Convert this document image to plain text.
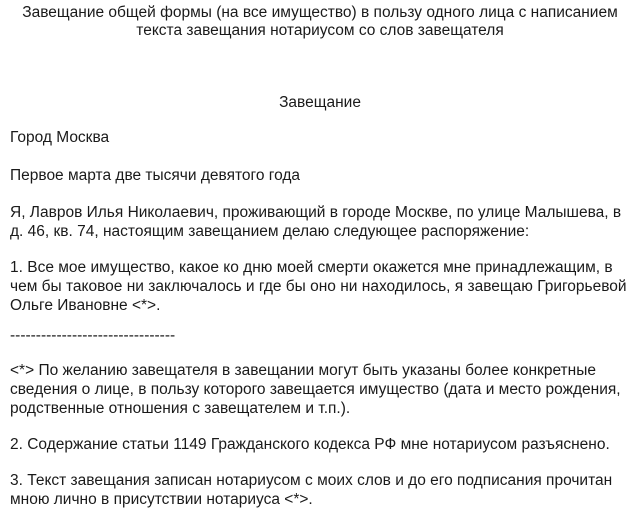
Завещание общей формы (на все имущество) в пользу одного лица с написанием
текста завещания нотариусом со слов завещателя
Завещание
Город Москва
Первое марта две тысячи девятого года
Я, Лавров Илья Николаевич, проживающий в городе Москве, по улице Малышева, в
д. 46, кв. 74, настоящим завещанием делаю следующее распоряжение:
1. Все мое имущество, какое ко дню моей смерти окажется мне принадлежащим, в
чем бы таковое ни заключалось и где бы оно ни находилось, я завещаю Григорьевой
Ольге Ивановне <*>.
--------------------------------
<*> По желанию завещателя в завещании могут быть указаны более конкретные
сведения о лице, в пользу которого завещается имущество (дата и место рождения,
родственные отношения с завещателем и т.п.).
2. Содержание статьи 1149 Гражданского кодекса РФ мне нотариусом разъяснено.
3. Текст завещания записан нотариусом с моих слов и до его подписания прочитан
мною лично в присутствии нотариуса <*>.
